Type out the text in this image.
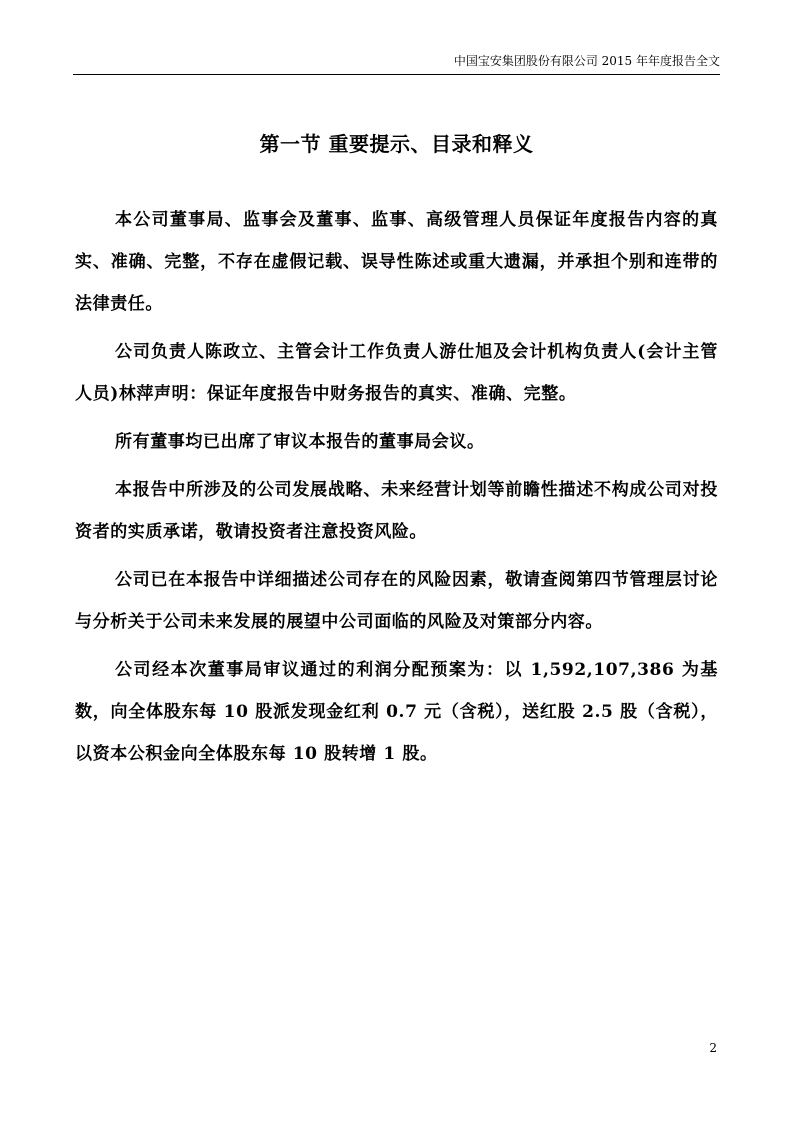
中国宝安集团股份有限公司 2015 年年度报告全文
第一节 重要提示、目录和释义

本公司董事局、监事会及董事、监事、高级管理人员保证年度报告内容的真实、准确、完整，不存在虚假记载、误导性陈述或重大遗漏，并承担个别和连带的法律责任。

公司负责人陈政立、主管会计工作负责人游仕旭及会计机构负责人(会计主管人员)林萍声明：保证年度报告中财务报告的真实、准确、完整。

所有董事均已出席了审议本报告的董事局会议。

本报告中所涉及的公司发展战略、未来经营计划等前瞻性描述不构成公司对投资者的实质承诺，敬请投资者注意投资风险。

公司已在本报告中详细描述公司存在的风险因素，敬请查阅第四节管理层讨论与分析关于公司未来发展的展望中公司面临的风险及对策部分内容。

公司经本次董事局审议通过的利润分配预案为：以 1,592,107,386 为基数，向全体股东每 10 股派发现金红利 0.7 元（含税），送红股 2.5 股（含税），以资本公积金向全体股东每 10 股转增 1 股。

2
